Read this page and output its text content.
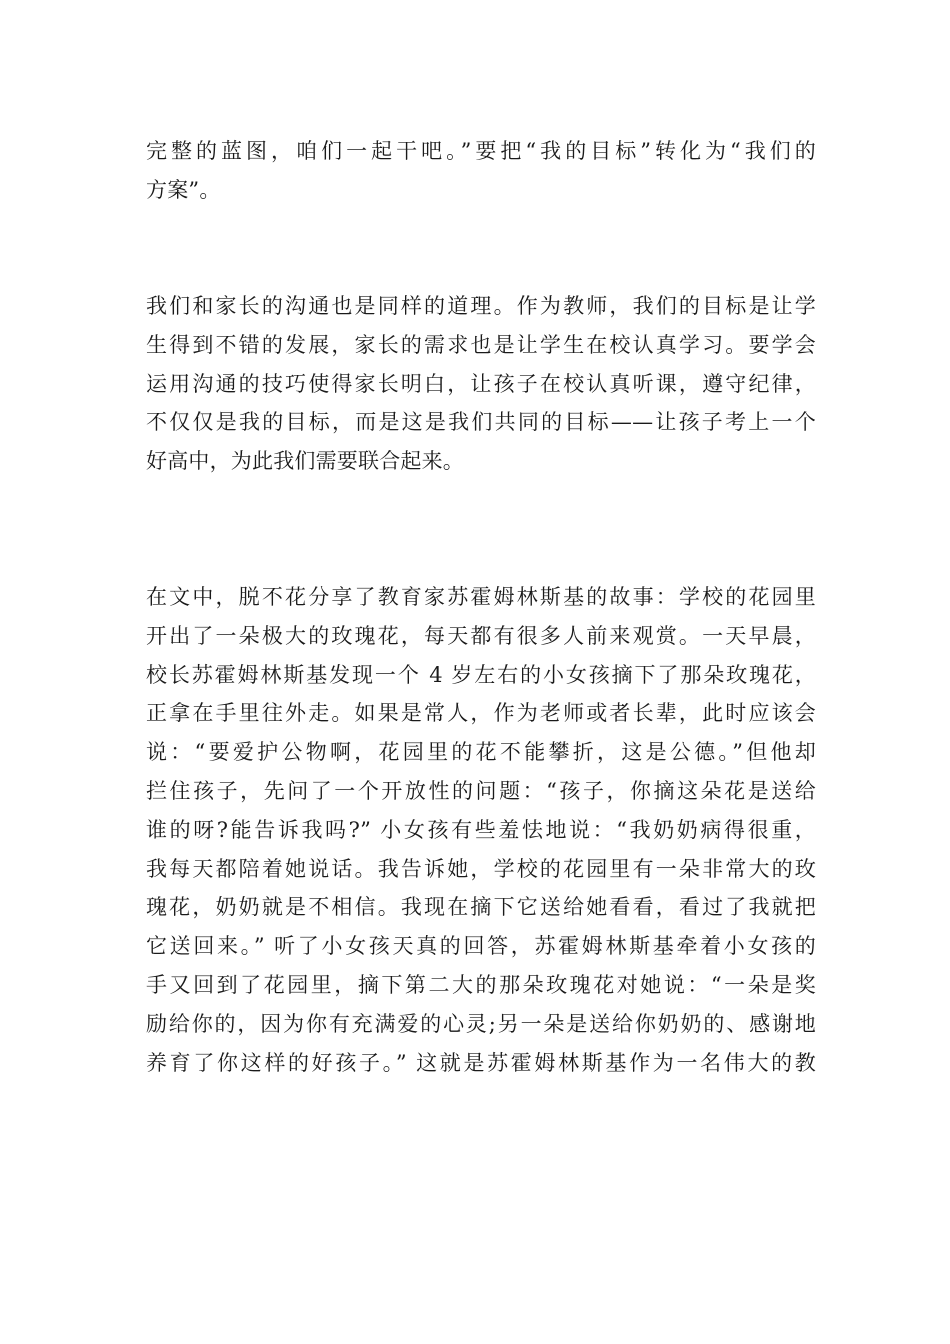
完整的蓝图，咱们一起干吧。”要把“我的目标”转化为“我们的
方案”。
我们和家长的沟通也是同样的道理。作为教师，我们的目标是让学
生得到不错的发展，家长的需求也是让学生在校认真学习。要学会
运用沟通的技巧使得家长明白，让孩子在校认真听课，遵守纪律，
不仅仅是我的目标，而是这是我们共同的目标——让孩子考上一个
好高中，为此我们需要联合起来。
在文中，脱不花分享了教育家苏霍姆林斯基的故事：学校的花园里
开出了一朵极大的玫瑰花，每天都有很多人前来观赏。一天早晨，
校长苏霍姆林斯基发现一个 4 岁左右的小女孩摘下了那朵玫瑰花，
正拿在手里往外走。如果是常人，作为老师或者长辈，此时应该会
说：“要爱护公物啊，花园里的花不能攀折，这是公德。”但他却
拦住孩子，先问了一个开放性的问题：“孩子，你摘这朵花是送给
谁的呀?能告诉我吗?” 小女孩有些羞怯地说：“我奶奶病得很重，
我每天都陪着她说话。我告诉她，学校的花园里有一朵非常大的玫
瑰花，奶奶就是不相信。我现在摘下它送给她看看，看过了我就把
它送回来。” 听了小女孩天真的回答，苏霍姆林斯基牵着小女孩的
手又回到了花园里，摘下第二大的那朵玫瑰花对她说：“一朵是奖
励给你的，因为你有充满爱的心灵;另一朵是送给你奶奶的、感谢地
养育了你这样的好孩子。” 这就是苏霍姆林斯基作为一名伟大的教
